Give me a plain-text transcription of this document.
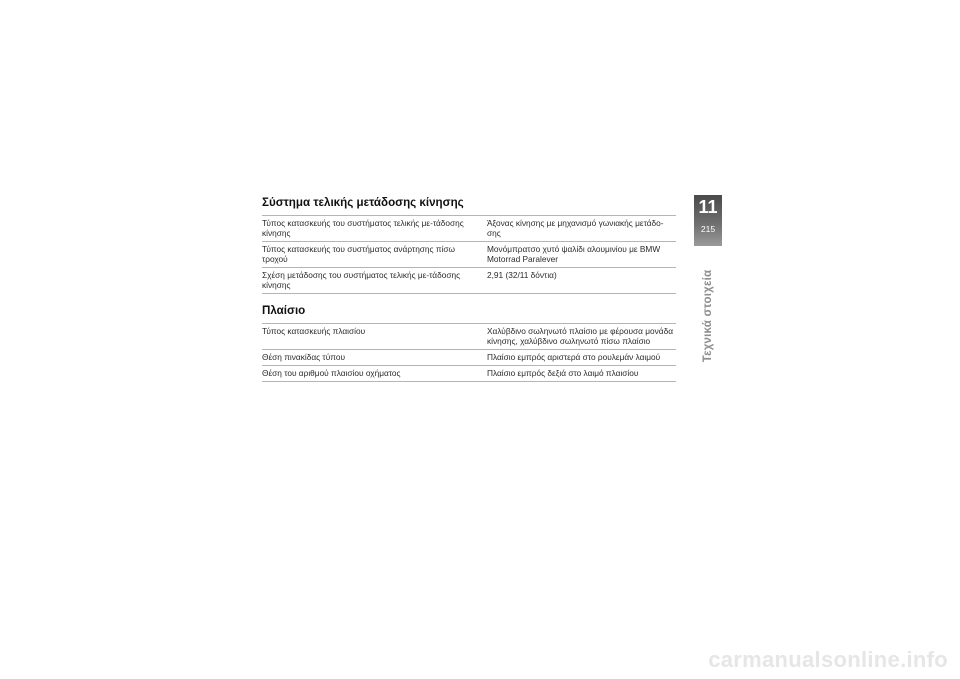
Σύστημα τελικής μετάδοσης κίνησης
Τύπος κατασκευής του συστήματος τελικής με-τάδοσης κίνησης	Άξονας κίνησης με μηχανισμό γωνιακής μετάδο-σης
Τύπος κατασκευής του συστήματος ανάρτησης πίσω τροχού	Μονόμπρατσο χυτό ψαλίδι αλουμινίου με BMW Motorrad Paralever
Σχέση μετάδοσης του συστήματος τελικής με-τάδοσης κίνησης	2,91 (32/11 δόντια)
Πλαίσιο
Τύπος κατασκευής πλαισίου	Χαλύβδινο σωληνωτό πλαίσιο με φέρουσα μονάδα κίνησης, χαλύβδινο σωληνωτό πίσω πλαίσιο
Θέση πινακίδας τύπου	Πλαίσιο εμπρός αριστερά στο ρουλεμάν λαιμού
Θέση του αριθμού πλαισίου οχήματος	Πλαίσιο εμπρός δεξιά στο λαιμό πλαισίου
11
215
Τεχνικά στοιχεία
carmanualsonline.info
